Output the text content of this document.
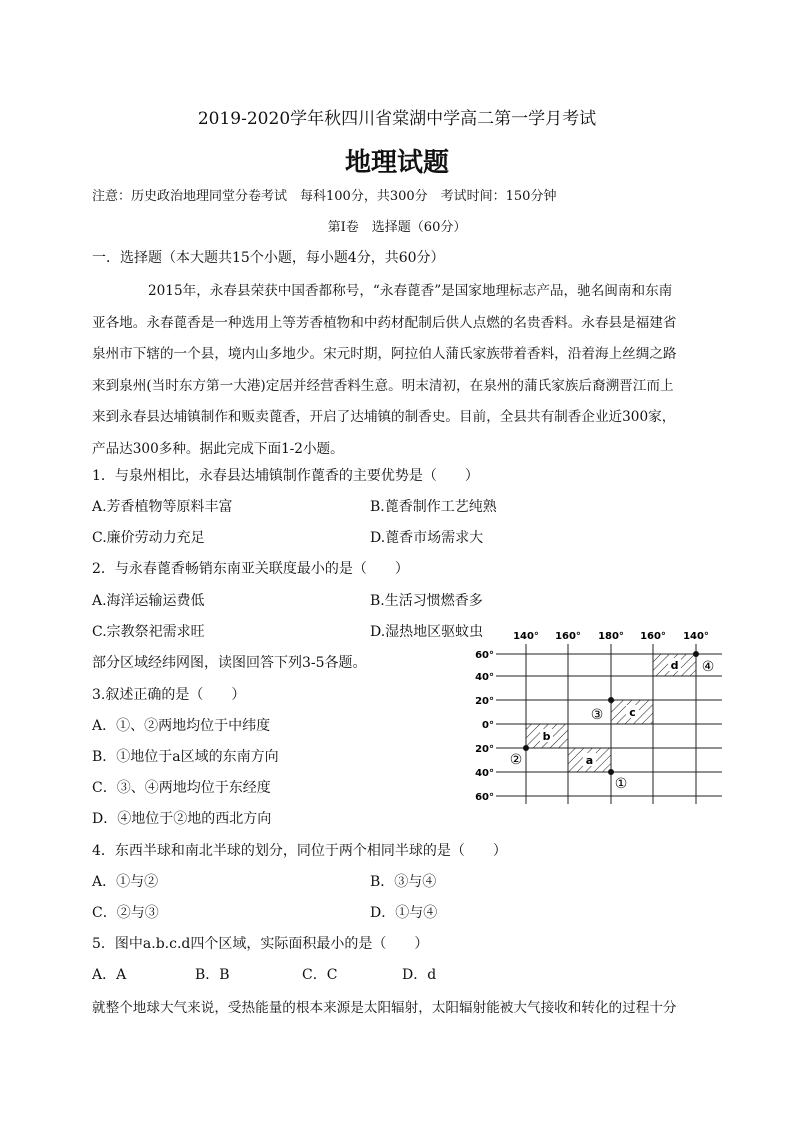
2019-2020学年秋四川省棠湖中学高二第一学月考试
地理试题
注意：历史政治地理同堂分卷考试　每科100分，共300分　考试时间：150分钟
第Ⅰ卷　选择题（60分）
一．选择题（本大题共15个小题，每小题4分，共60分）

2015年，永春县荣获中国香都称号，“永春蓖香”是国家地理标志产品，驰名闽南和东南

亚各地。永春蓖香是一种选用上等芳香植物和中药材配制后供人点燃的名贵香料。永春县是福建省

泉州市下辖的一个县，境内山多地少。宋元时期，阿拉伯人蒲氏家族带着香料，沿着海上丝绸之路

来到泉州(当时东方第一大港)定居并经营香料生意。明末清初，在泉州的蒲氏家族后裔溯晋江而上

来到永春县达埔镇制作和贩卖蓖香，开启了达埔镇的制香史。目前，全县共有制香企业近300家，

产品达300多种。据此完成下面1-2小题。

1．与泉州相比，永春县达埔镇制作蓖香的主要优势是（　　）
A.芳香植物等原料丰富	B.蓖香制作工艺纯熟
C.廉价劳动力充足	D.蓖香市场需求大
2．与永春蓖香畅销东南亚关联度最小的是（　　）
A.海洋运输运费低	B.生活习惯燃香多
C.宗教祭祀需求旺	D.湿热地区驱蚊虫
部分区域经纬网图，读图回答下列3-5各题。
3.叙述正确的是（　　）
A．①、②两地均位于中纬度
B．①地位于a区域的东南方向
C．③、④两地均位于东经度
D．④地位于②地的西北方向
4．东西半球和南北半球的划分，同位于两个相同半球的是（　　）
A．①与②	B．③与④
C．②与③	D．①与④
5．图中a.b.c.d四个区域，实际面积最小的是（　　）
A．A	B．B	C．C	D．d
就整个地球大气来说，受热能量的根本来源是太阳辐射，太阳辐射能被大气接收和转化的过程十分
140° 160° 180° 160° 140°
60°
40°
20°
0°
20°
40°
60°
d
c
b
a
④
③
②
①
